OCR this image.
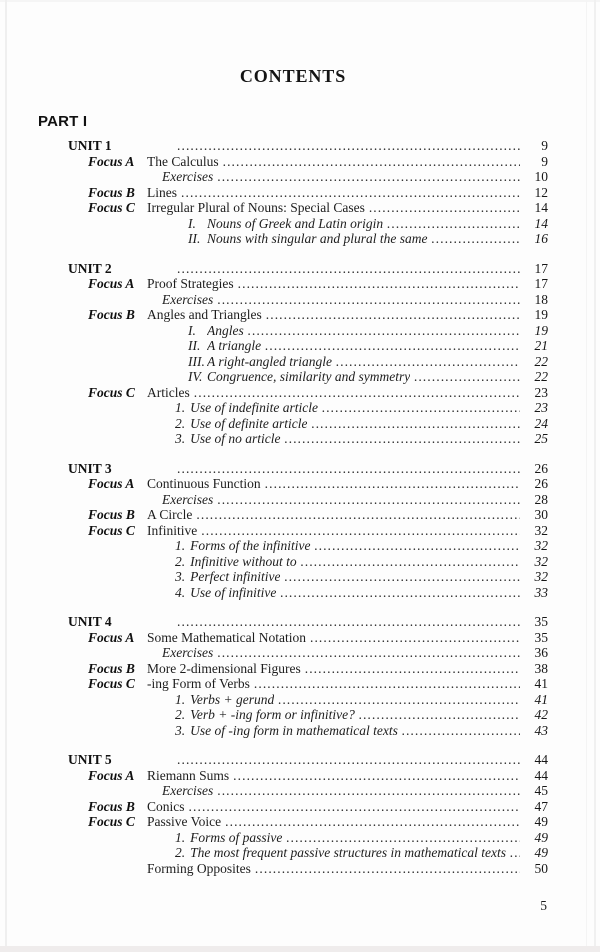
CONTENTS
PART I
UNIT 1 .....	9
Focus A The Calculus .....	9
Exercises .....	10
Focus B Lines .....	12
Focus C Irregular Plural of Nouns: Special Cases .....	14
I. Nouns of Greek and Latin origin .....	14
II. Nouns with singular and plural the same .....	16
UNIT 2 .....	17
Focus A Proof Strategies .....	17
Exercises .....	18
Focus B Angles and Triangles .....	19
I. Angles .....	19
II. A triangle .....	21
III. A right-angled triangle .....	22
IV. Congruence, similarity and symmetry .....	22
Focus C Articles .....	23
1. Use of indefinite article .....	23
2. Use of definite article .....	24
3. Use of no article .....	25
UNIT 3 .....	26
Focus A Continuous Function .....	26
Exercises .....	28
Focus B A Circle .....	30
Focus C Infinitive .....	32
1. Forms of the infinitive .....	32
2. Infinitive without to .....	32
3. Perfect infinitive .....	32
4. Use of infinitive .....	33
UNIT 4 .....	35
Focus A Some Mathematical Notation .....	35
Exercises .....	36
Focus B More 2-dimensional Figures .....	38
Focus C -ing Form of Verbs .....	41
1. Verbs + gerund .....	41
2. Verb + -ing form or infinitive? .....	42
3. Use of -ing form in mathematical texts .....	43
UNIT 5 .....	44
Focus A Riemann Sums .....	44
Exercises .....	45
Focus B Conics .....	47
Focus C Passive Voice .....	49
1. Forms of passive .....	49
2. The most frequent passive structures in mathematical texts .....	49
Forming Opposites .....	50
5
